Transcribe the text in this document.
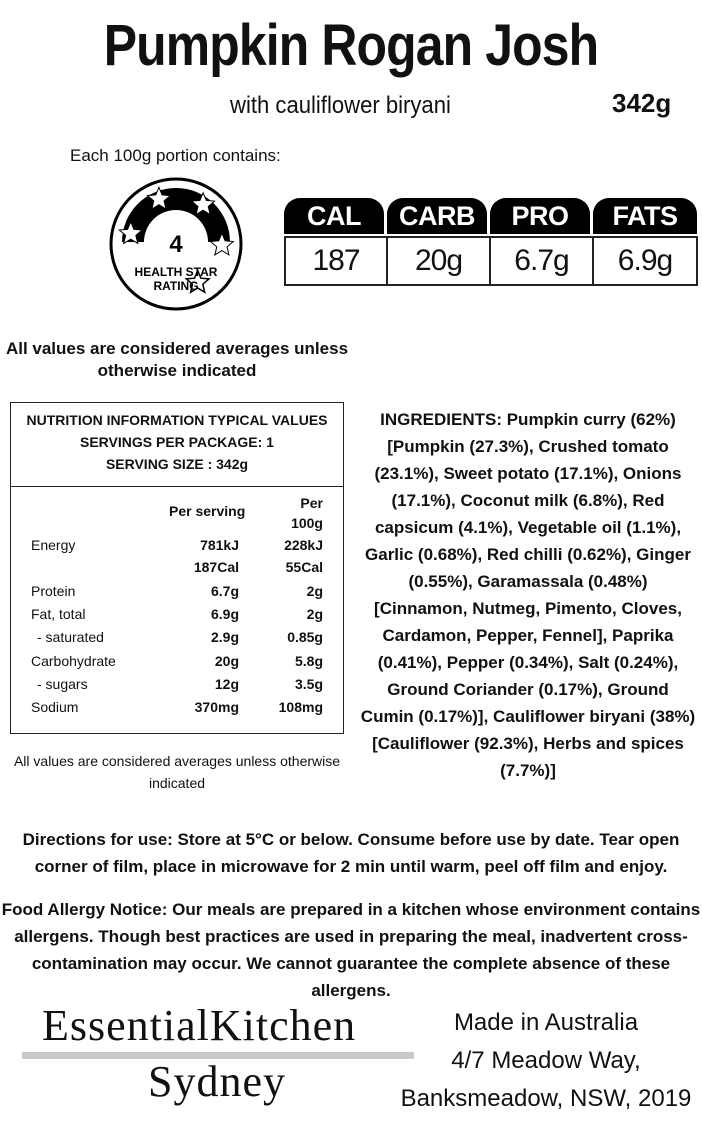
Pumpkin Rogan Josh
with cauliflower biryani	342g
Each 100g portion contains:
4
HEALTH STAR
RATING
CAL	CARB	PRO	FATS
187	20g	6.7g	6.9g
All values are considered averages unless otherwise indicated
NUTRITION INFORMATION TYPICAL VALUES
SERVINGS PER PACKAGE: 1
SERVING SIZE : 342g
Per serving	Per
100g
Energy	781kJ	228kJ
187Cal	55Cal
Protein	6.7g	2g
Fat, total	6.9g	2g
- saturated	2.9g	0.85g
Carbohydrate	20g	5.8g
- sugars	12g	3.5g
Sodium	370mg	108mg
All values are considered averages unless otherwise indicated
INGREDIENTS: Pumpkin curry (62%) [Pumpkin (27.3%), Crushed tomato (23.1%), Sweet potato (17.1%), Onions (17.1%), Coconut milk (6.8%), Red capsicum (4.1%), Vegetable oil (1.1%), Garlic (0.68%), Red chilli (0.62%), Ginger (0.55%), Garamassala (0.48%) [Cinnamon, Nutmeg, Pimento, Cloves, Cardamon, Pepper, Fennel], Paprika (0.41%), Pepper (0.34%), Salt (0.24%), Ground Coriander (0.17%), Ground Cumin (0.17%)], Cauliflower biryani (38%) [Cauliflower (92.3%), Herbs and spices (7.7%)]
Directions for use: Store at 5°C or below. Consume before use by date. Tear open corner of film, place in microwave for 2 min until warm, peel off film and enjoy.
Food Allergy Notice: Our meals are prepared in a kitchen whose environment contains allergens. Though best practices are used in preparing the meal, inadvertent cross-contamination may occur. We cannot guarantee the complete absence of these allergens.
EssentialKitchen
Sydney
Made in Australia
4/7 Meadow Way,
Banksmeadow, NSW, 2019
